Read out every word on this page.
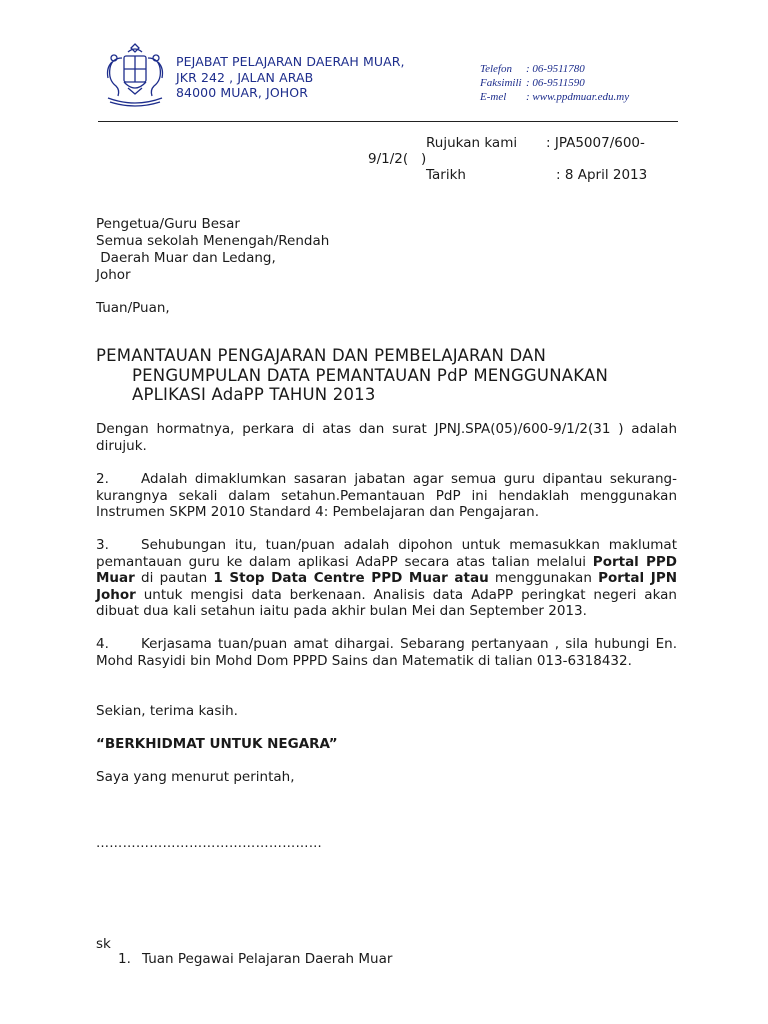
PEJABAT PELAJARAN DAERAH MUAR,
JKR 242 , JALAN ARAB
84000 MUAR, JOHOR
Telefon : 06-9511780
Faksimili : 06-9511590
E-mel : www.ppdmuar.edu.my
Rujukan kami : JPA5007/600-
9/1/2(   )
Tarikh	: 8 April 2013
Pengetua/Guru Besar
Semua sekolah Menengah/Rendah
Daerah Muar dan Ledang,
Johor
Tuan/Puan,
PEMANTAUAN PENGAJARAN DAN PEMBELAJARAN DAN
PENGUMPULAN DATA PEMANTAUAN PdP MENGGUNAKAN
APLIKASI AdaPP TAHUN 2013
Dengan hormatnya, perkara di atas dan surat JPNJ.SPA(05)/600-9/1/2(31 ) adalah dirujuk.
2. Adalah dimaklumkan sasaran jabatan agar semua guru dipantau sekurang-kurangnya sekali dalam setahun.Pemantauan PdP ini hendaklah menggunakan Instrumen SKPM 2010 Standard 4: Pembelajaran dan Pengajaran.
3. Sehubungan itu, tuan/puan adalah dipohon untuk memasukkan maklumat pemantauan guru ke dalam aplikasi AdaPP secara atas talian melalui Portal PPD Muar di pautan 1 Stop Data Centre PPD Muar atau menggunakan Portal JPN Johor untuk mengisi data berkenaan. Analisis data AdaPP peringkat negeri akan dibuat dua kali setahun iaitu pada akhir bulan Mei dan September 2013.
4. Kerjasama tuan/puan amat dihargai. Sebarang pertanyaan , sila hubungi En. Mohd Rasyidi bin Mohd Dom PPPD Sains dan Matematik di talian 013-6318432.
Sekian, terima kasih.
“BERKHIDMAT UNTUK NEGARA”
Saya yang menurut perintah,
……………………………………………
sk
1. Tuan Pegawai Pelajaran Daerah Muar
